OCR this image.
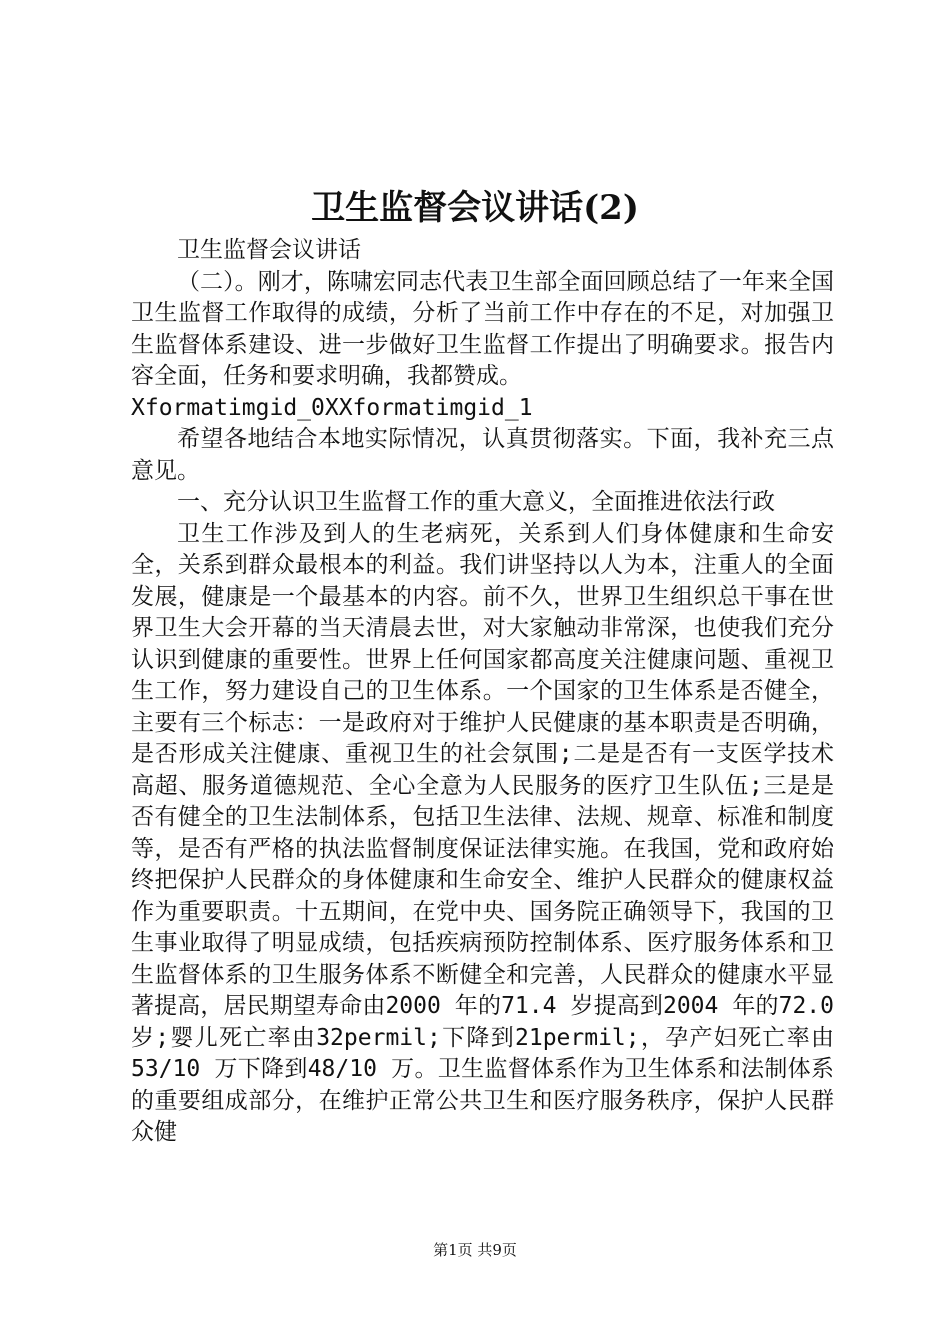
卫生监督会议讲话(2)

卫生监督会议讲话

（二）。刚才，陈啸宏同志代表卫生部全面回顾总结了一年来全国卫生监督工作取得的成绩，分析了当前工作中存在的不足，对加强卫生监督体系建设、进一步做好卫生监督工作提出了明确要求。报告内容全面，任务和要求明确，我都赞成。

Xformatimgid_0XXformatimgid_1

希望各地结合本地实际情况，认真贯彻落实。下面，我补充三点意见。

一、充分认识卫生监督工作的重大意义，全面推进依法行政

卫生工作涉及到人的生老病死，关系到人们身体健康和生命安全，关系到群众最根本的利益。我们讲坚持以人为本，注重人的全面发展，健康是一个最基本的内容。前不久，世界卫生组织总干事在世界卫生大会开幕的当天清晨去世，对大家触动非常深，也使我们充分认识到健康的重要性。世界上任何国家都高度关注健康问题、重视卫生工作，努力建设自己的卫生体系。一个国家的卫生体系是否健全，主要有三个标志：一是政府对于维护人民健康的基本职责是否明确，是否形成关注健康、重视卫生的社会氛围;二是是否有一支医学技术高超、服务道德规范、全心全意为人民服务的医疗卫生队伍;三是是否有健全的卫生法制体系，包括卫生法律、法规、规章、标准和制度等，是否有严格的执法监督制度保证法律实施。在我国，党和政府始终把保护人民群众的身体健康和生命安全、维护人民群众的健康权益作为重要职责。十五期间，在党中央、国务院正确领导下，我国的卫生事业取得了明显成绩，包括疾病预防控制体系、医疗服务体系和卫生监督体系的卫生服务体系不断健全和完善，人民群众的健康水平显著提高，居民期望寿命由2000 年的71.4 岁提高到2004 年的72.0 岁;婴儿死亡率由32permil;下降到21permil;，孕产妇死亡率由53/10 万下降到48/10 万。卫生监督体系作为卫生体系和法制体系的重要组成部分，在维护正常公共卫生和医疗服务秩序，保护人民群众健

第1页 共9页
